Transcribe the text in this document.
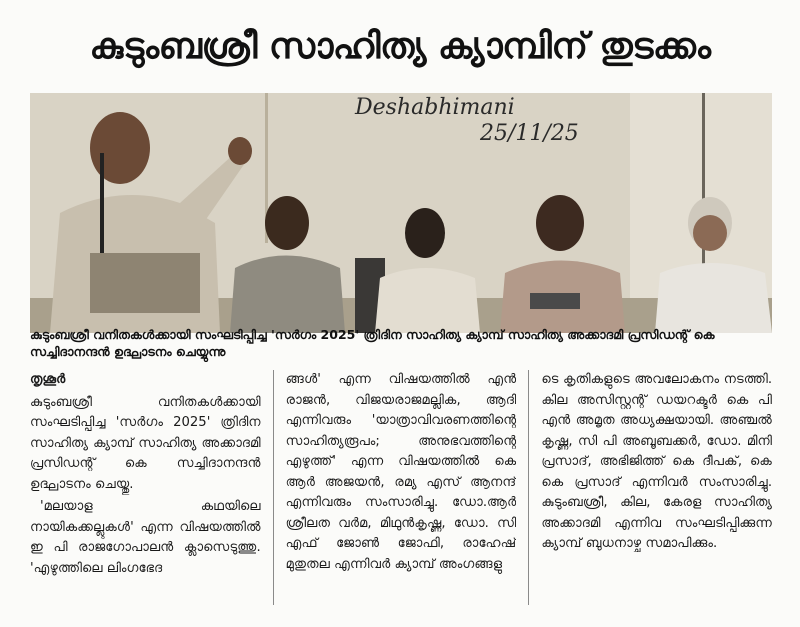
കുടുംബശ്രീ സാഹിത്യ ക്യാമ്പിന് തുടക്കം
Deshabhimani
25/11/25
കുടുംബശ്രീ വനിതകൾക്കായി സംഘടിപ്പിച്ച 'സർഗം 2025' ത്രിദിന സാഹിത്യ ക്യാമ്പ് സാഹിത്യ അക്കാദമി പ്രസിഡന്റ് കെ സച്ചിദാനന്ദൻ ഉദ്ഘാടനം ചെയ്യുന്നു
തൃശൂർ

കുടുംബശ്രീ വനിതകൾക്കായി സംഘടിപ്പിച്ച 'സർഗം 2025' ത്രിദിന സാഹിത്യ ക്യാമ്പ് സാഹിത്യ അക്കാദമി പ്രസിഡന്റ് കെ സച്ചിദാനന്ദൻ ഉദ്ഘാടനം ചെയ്തു.

'മലയാള കഥയിലെ നായികക്കല്ലുകൾ' എന്ന വിഷയത്തിൽ ഇ പി രാജഗോപാലൻ ക്ലാസെടുത്തു. 'എഴുത്തിലെ ലിംഗഭേദ

ങ്ങൾ' എന്ന വിഷയത്തിൽ എൻ രാജൻ, വിജയരാജമല്ലിക, ആദി എന്നിവരും 'യാത്രാവിവരണത്തിന്റെ സാഹിത്യരൂപം; അനുഭവത്തിന്റെ എഴുത്ത്' എന്ന വിഷയത്തിൽ കെ ആർ അജയൻ, രമ്യ എസ് ആനന്ദ് എന്നിവരും സംസാരിച്ചു. ഡോ.ആർ ശ്രീലത വർമ, മിഥുൻകൃഷ്ണ, ഡോ. സി എഫ് ജോൺ ജോഫി, രാഹേഷ് മുതുതല എന്നിവർ ക്യാമ്പ് അംഗങ്ങളു

ടെ കൃതികളുടെ അവലോകനം നടത്തി. കില അസിസ്റ്റന്റ് ഡയറക്ടർ കെ പി എൻ അമൃത അധ്യക്ഷയായി. അഞ്ചൽ കൃഷ്ണ, സി പി അബൂബക്കർ, ഡോ. മിനി പ്രസാദ്, അഭിജിത്ത് കെ ദീപക്, കെ കെ പ്രസാദ് എന്നിവർ സംസാരിച്ചു. കുടുംബശ്രീ, കില, കേരള സാഹിത്യ അക്കാദമി എന്നിവ സംഘടിപ്പിക്കുന്ന ക്യാമ്പ് ബുധനാഴ്ച സമാപിക്കും.
